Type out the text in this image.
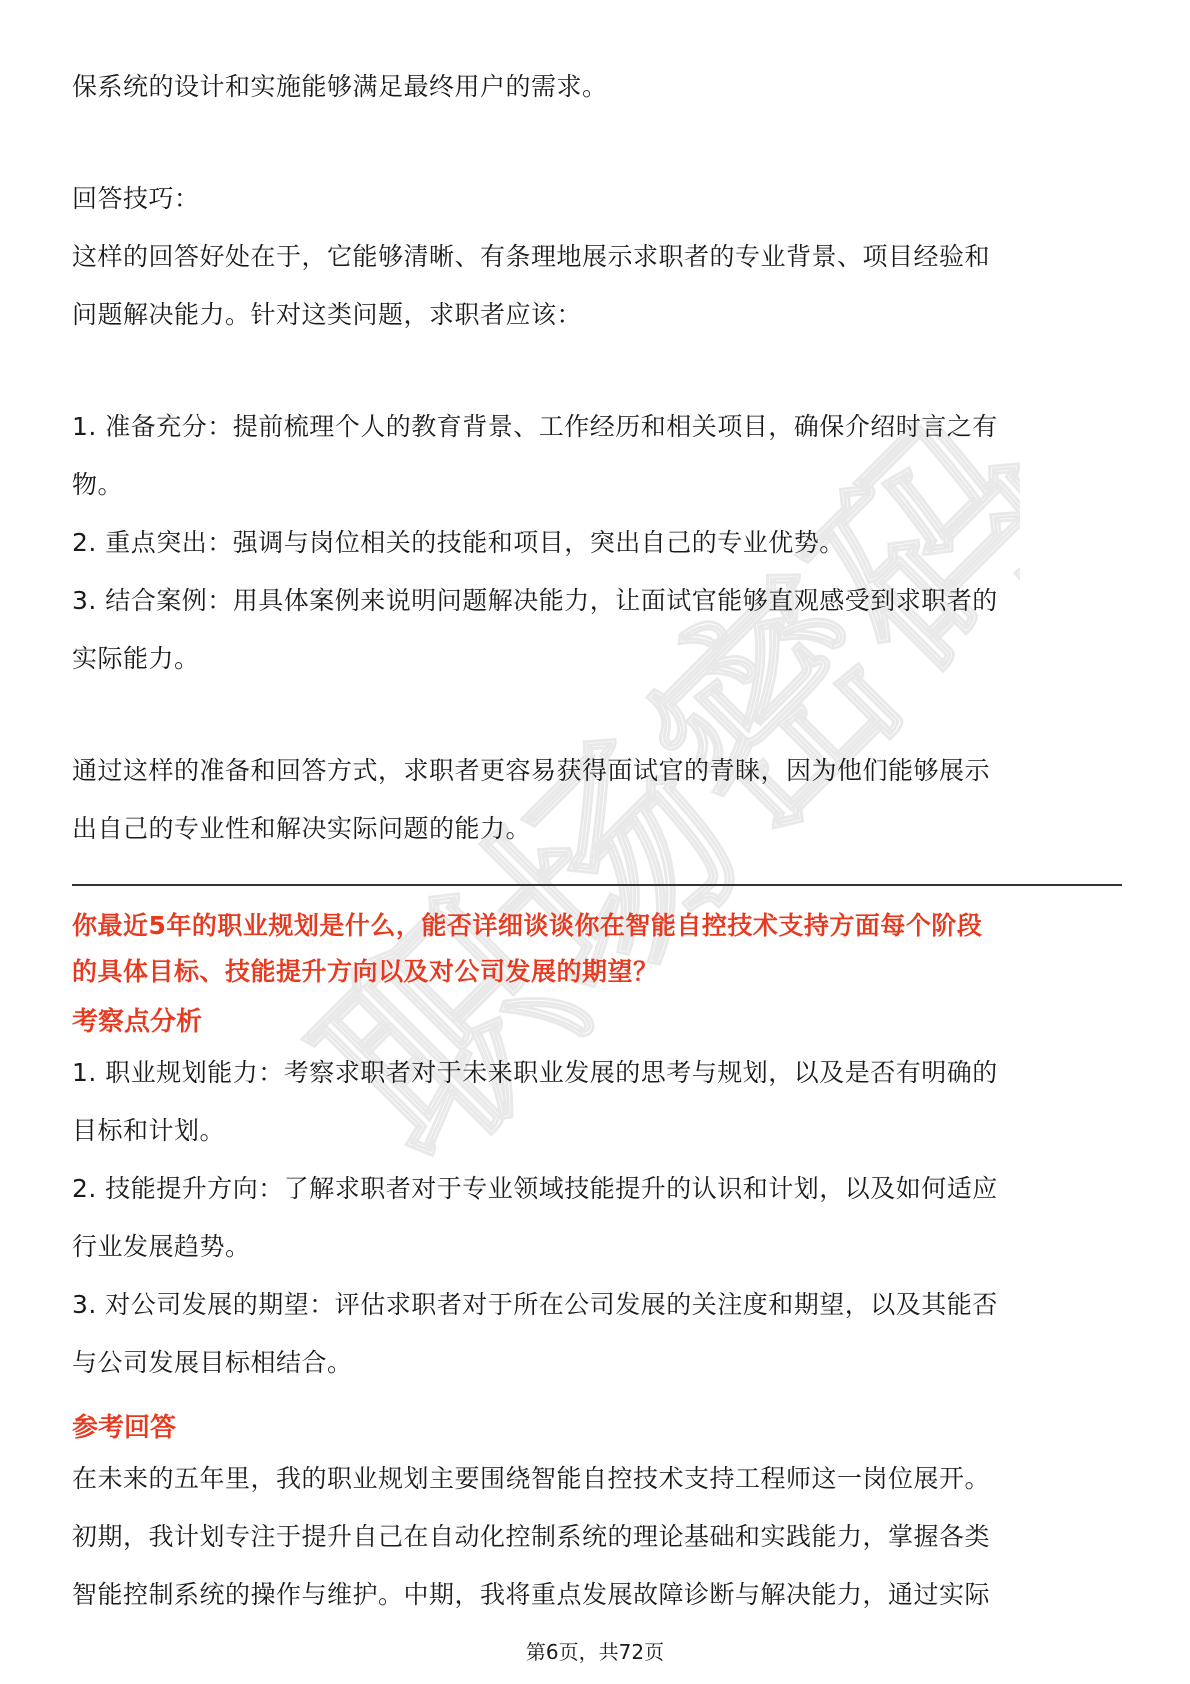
职场密码

保系统的设计和实施能够满足最终用户的需求。

回答技巧：

这样的回答好处在于，它能够清晰、有条理地展示求职者的专业背景、项目经验和

问题解决能力。针对这类问题，求职者应该：

1. 准备充分：提前梳理个人的教育背景、工作经历和相关项目，确保介绍时言之有

物。

2. 重点突出：强调与岗位相关的技能和项目，突出自己的专业优势。

3. 结合案例：用具体案例来说明问题解决能力，让面试官能够直观感受到求职者的

实际能力。

通过这样的准备和回答方式，求职者更容易获得面试官的青睐，因为他们能够展示

出自己的专业性和解决实际问题的能力。

你最近5年的职业规划是什么，能否详细谈谈你在智能自控技术支持方面每个阶段

的具体目标、技能提升方向以及对公司发展的期望？

考察点分析

1. 职业规划能力：考察求职者对于未来职业发展的思考与规划，以及是否有明确的

目标和计划。

2. 技能提升方向：了解求职者对于专业领域技能提升的认识和计划，以及如何适应

行业发展趋势。

3. 对公司发展的期望：评估求职者对于所在公司发展的关注度和期望，以及其能否

与公司发展目标相结合。

参考回答

在未来的五年里，我的职业规划主要围绕智能自控技术支持工程师这一岗位展开。

初期，我计划专注于提升自己在自动化控制系统的理论基础和实践能力，掌握各类

智能控制系统的操作与维护。中期，我将重点发展故障诊断与解决能力，通过实际

第6页，共72页
